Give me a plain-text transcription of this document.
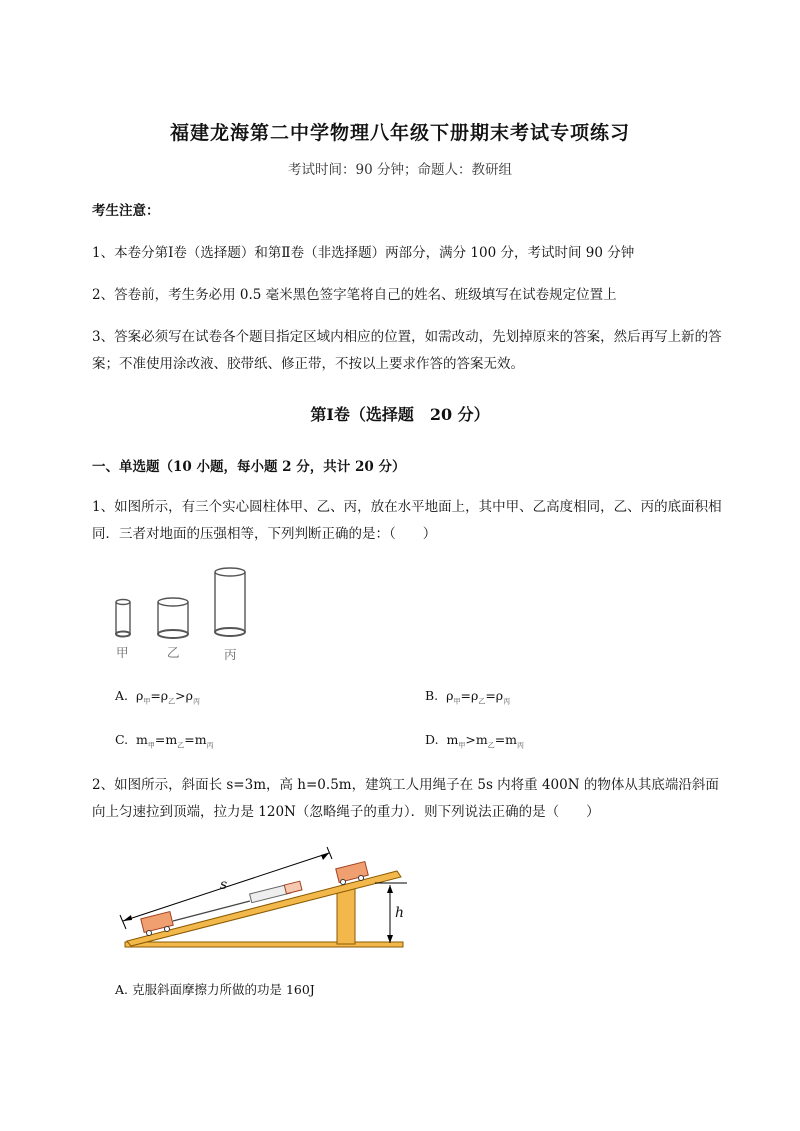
福建龙海第二中学物理八年级下册期末考试专项练习
考试时间：90 分钟；命题人：教研组
考生注意：
1、本卷分第Ⅰ卷（选择题）和第Ⅱ卷（非选择题）两部分，满分 100 分，考试时间 90 分钟
2、答卷前，考生务必用 0.5 毫米黑色签字笔将自己的姓名、班级填写在试卷规定位置上
3、答案必须写在试卷各个题目指定区域内相应的位置，如需改动，先划掉原来的答案，然后再写上新的答案；不准使用涂改液、胶带纸、修正带，不按以上要求作答的答案无效。
第Ⅰ卷（选择题　20 分）
一、单选题（10 小题，每小题 2 分，共计 20 分）
1、如图所示，有三个实心圆柱体甲、乙、丙，放在水平地面上，其中甲、乙高度相同，乙、丙的底面积相同．三者对地面的压强相等，下列判断正确的是：（　　）
甲	乙	丙
A. $\rho_甲=\rho_乙>\rho_丙$	B. $\rho_甲=\rho_乙=\rho_丙$
C. $m_甲=m_乙=m_丙$	D. $m_甲>m_乙=m_丙$
2、如图所示，斜面长 s=3m，高 h=0.5m，建筑工人用绳子在 5s 内将重 400N 的物体从其底端沿斜面向上匀速拉到顶端，拉力是 120N（忽略绳子的重力）．则下列说法正确的是（　　）
s
h
A. 克服斜面摩擦力所做的功是 160J
